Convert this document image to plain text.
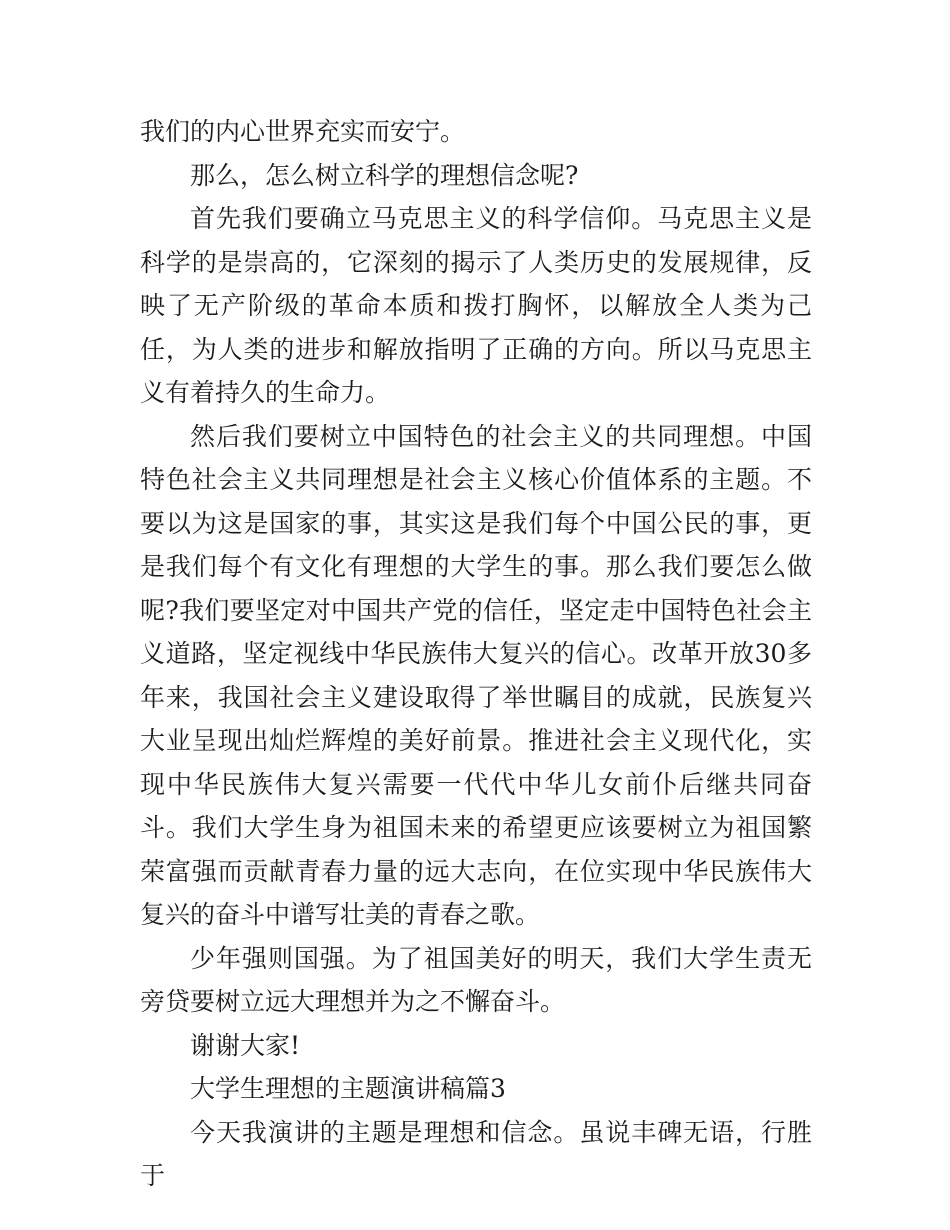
我们的内心世界充实而安宁。

那么，怎么树立科学的理想信念呢?

首先我们要确立马克思主义的科学信仰。马克思主义是科学的是崇高的，它深刻的揭示了人类历史的发展规律，反映了无产阶级的革命本质和拨打胸怀，以解放全人类为己任，为人类的进步和解放指明了正确的方向。所以马克思主义有着持久的生命力。

然后我们要树立中国特色的社会主义的共同理想。中国特色社会主义共同理想是社会主义核心价值体系的主题。不要以为这是国家的事，其实这是我们每个中国公民的事，更是我们每个有文化有理想的大学生的事。那么我们要怎么做呢?我们要坚定对中国共产党的信任，坚定走中国特色社会主义道路，坚定视线中华民族伟大复兴的信心。改革开放30多年来，我国社会主义建设取得了举世瞩目的成就，民族复兴大业呈现出灿烂辉煌的美好前景。推进社会主义现代化，实现中华民族伟大复兴需要一代代中华儿女前仆后继共同奋斗。我们大学生身为祖国未来的希望更应该要树立为祖国繁荣富强而贡献青春力量的远大志向，在位实现中华民族伟大复兴的奋斗中谱写壮美的青春之歌。

少年强则国强。为了祖国美好的明天，我们大学生责无旁贷要树立远大理想并为之不懈奋斗。

谢谢大家!

大学生理想的主题演讲稿篇3

今天我演讲的主题是理想和信念。虽说丰碑无语，行胜于
